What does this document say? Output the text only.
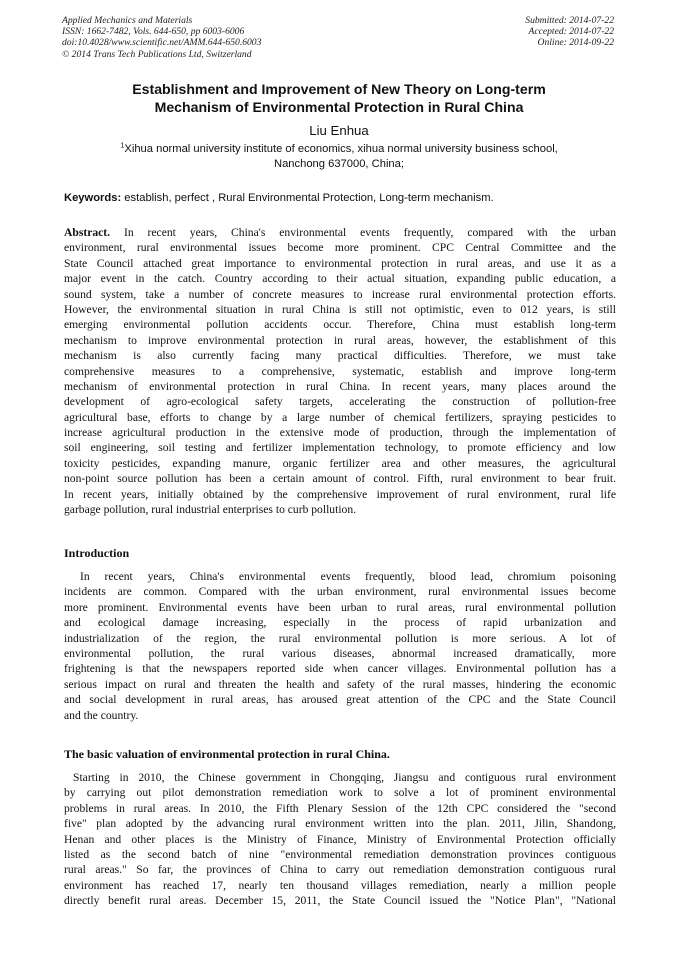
Applied Mechanics and Materials
ISSN: 1662-7482, Vols. 644-650, pp 6003-6006
doi:10.4028/www.scientific.net/AMM.644-650.6003
© 2014 Trans Tech Publications Ltd, Switzerland
Submitted: 2014-07-22
Accepted: 2014-07-22
Online: 2014-09-22
Establishment and Improvement of New Theory on Long-term
Mechanism of Environmental Protection in Rural China
Liu Enhua
$^1$Xihua normal university institute of economics, xihua normal university business school,
Nanchong 637000, China;
Keywords: establish, perfect , Rural Environmental Protection, Long-term mechanism.
Abstract. In recent years, China's environmental events frequently, compared with the urban
environment, rural environmental issues become more prominent. CPC Central Committee and the
State Council attached great importance to environmental protection in rural areas, and use it as a
major event in the catch. Country according to their actual situation, expanding public education, a
sound system, take a number of concrete measures to increase rural environmental protection efforts.
However, the environmental situation in rural China is still not optimistic, even to 012 years, is still
emerging environmental pollution accidents occur. Therefore, China must establish long-term
mechanism to improve environmental protection in rural areas, however, the establishment of this
mechanism is also currently facing many practical difficulties. Therefore, we must take
comprehensive measures to a comprehensive, systematic, establish and improve long-term
mechanism of environmental protection in rural China. In recent years, many places around the
development of agro-ecological safety targets, accelerating the construction of pollution-free
agricultural base, efforts to change by a large number of chemical fertilizers, spraying pesticides to
increase agricultural production in the extensive mode of production, through the implementation of
soil engineering, soil testing and fertilizer implementation technology, to promote efficiency and low
toxicity pesticides, expanding manure, organic fertilizer area and other measures, the agricultural
non-point source pollution has been a certain amount of control. Fifth, rural environment to bear fruit.
In recent years, initially obtained by the comprehensive improvement of rural environment, rural life
garbage pollution, rural industrial enterprises to curb pollution.
Introduction
In recent years, China's environmental events frequently, blood lead, chromium poisoning
incidents are common. Compared with the urban environment, rural environmental issues become
more prominent. Environmental events have been urban to rural areas, rural environmental pollution
and ecological damage increasing, especially in the process of rapid urbanization and
industrialization of the region, the rural environmental pollution is more serious. A lot of
environmental pollution, the rural various diseases, abnormal increased dramatically, more
frightening is that the newspapers reported side when cancer villages. Environmental pollution has a
serious impact on rural and threaten the health and safety of the rural masses, hindering the economic
and social development in rural areas, has aroused great attention of the CPC and the State Council
and the country.
The basic valuation of environmental protection in rural China.
Starting in 2010, the Chinese government in Chongqing, Jiangsu and contiguous rural environment
by carrying out pilot demonstration remediation work to solve a lot of prominent environmental
problems in rural areas. In 2010, the Fifth Plenary Session of the 12th CPC considered the "second
five" plan adopted by the advancing rural environment written into the plan. 2011, Jilin, Shandong,
Henan and other places is the Ministry of Finance, Ministry of Environmental Protection officially
listed as the second batch of nine "environmental remediation demonstration provinces contiguous
rural areas." So far, the provinces of China to carry out remediation demonstration contiguous rural
environment has reached 17, nearly ten thousand villages remediation, nearly a million people
directly benefit rural areas. December 15, 2011, the State Council issued the "Notice Plan", "National
